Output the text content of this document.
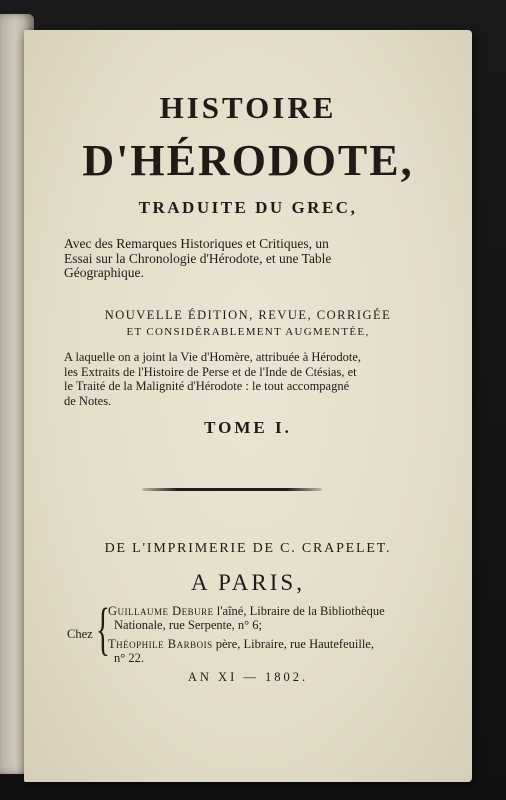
HISTOIRE
D'HÉRODOTE,
TRADUITE DU GREC,
Avec des Remarques Historiques et Critiques, un
Essai sur la Chronologie d'Hérodote, et une Table
Géographique.
NOUVELLE ÉDITION, REVUE, CORRIGÉE
ET CONSIDÉRABLEMENT AUGMENTÉE,
A laquelle on a joint la Vie d'Homère, attribuée à Hérodote,
les Extraits de l'Histoire de Perse et de l'Inde de Ctésias, et
le Traité de la Malignité d'Hérodote : le tout accompagné
de Notes.
TOME I.
DE L'IMPRIMERIE DE C. CRAPELET.
A PARIS,
Chez {
Guillaume Debure l'aîné, Libraire de la Bibliothèque
Nationale, rue Serpente, n° 6;
Théophile Barbois père, Libraire, rue Hautefeuille,
n° 22.
AN XI — 1802.
